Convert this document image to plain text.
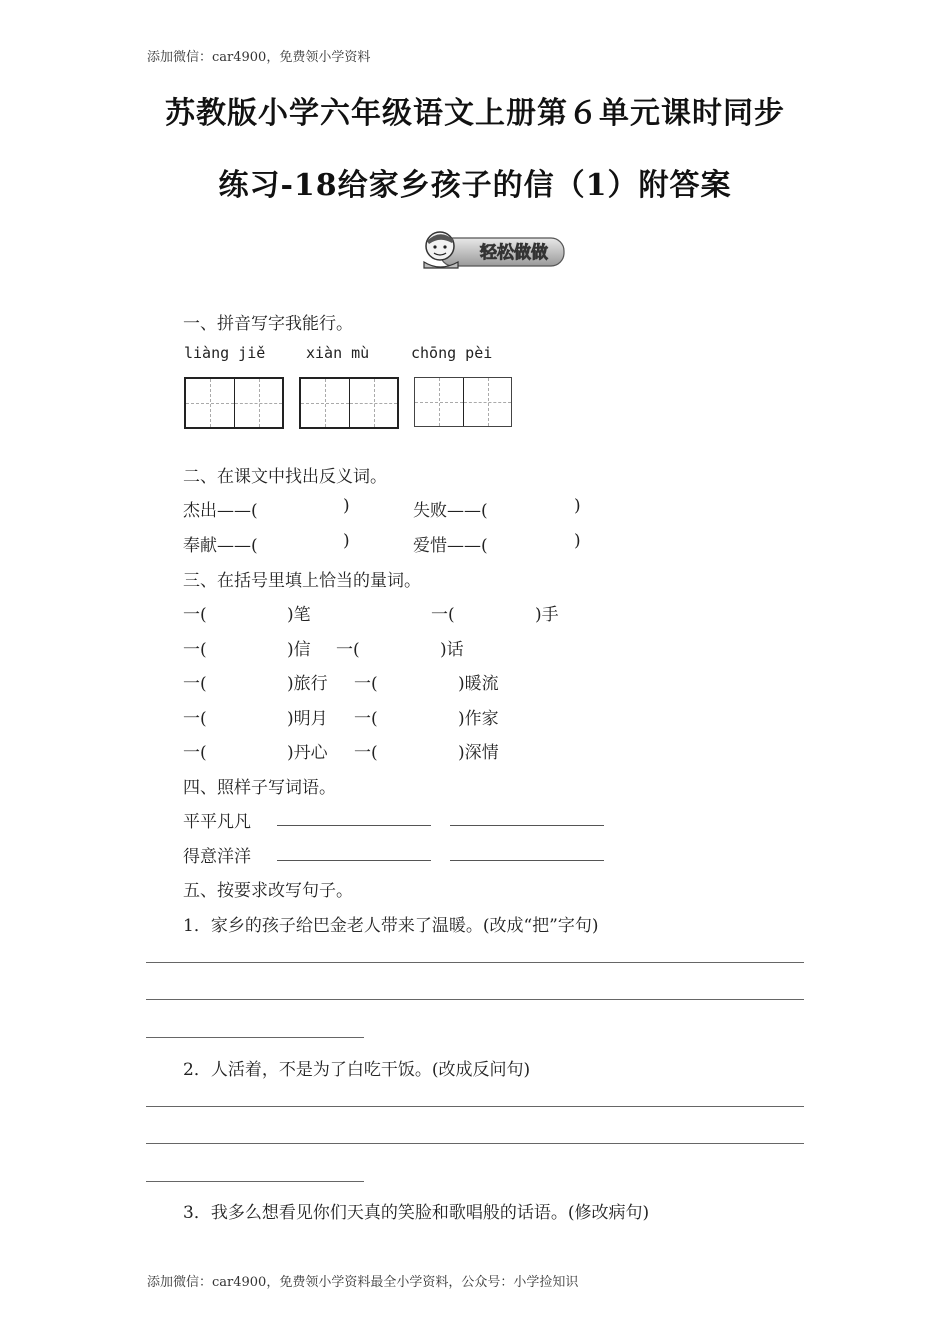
添加微信：car4900，免费领小学资料
苏教版小学六年级语文上册第６单元课时同步
练习-18给家乡孩子的信（1）附答案
轻松做做
一、拼音写字我能行。
liàng jiě	xiàn mù	chōng pèi
二、在课文中找出反义词。
杰出——(	)	失败——(	)
奉献——(	)	爱惜——(	)
三、在括号里填上恰当的量词。
一(	)笔	一(	)手
一(	)信 一(	)话
一(	)旅行 一(	)暖流
一(	)明月 一(	)作家
一(	)丹心 一(	)深情
四、照样子写词语。
平平凡凡
得意洋洋
五、按要求改写句子。
1．家乡的孩子给巴金老人带来了温暖。(改成“把”字句)
2．人活着，不是为了白吃干饭。(改成反问句)
3．我多么想看见你们天真的笑脸和歌唱般的话语。(修改病句)
添加微信：car4900，免费领小学资料最全小学资料，公众号：小学捡知识
